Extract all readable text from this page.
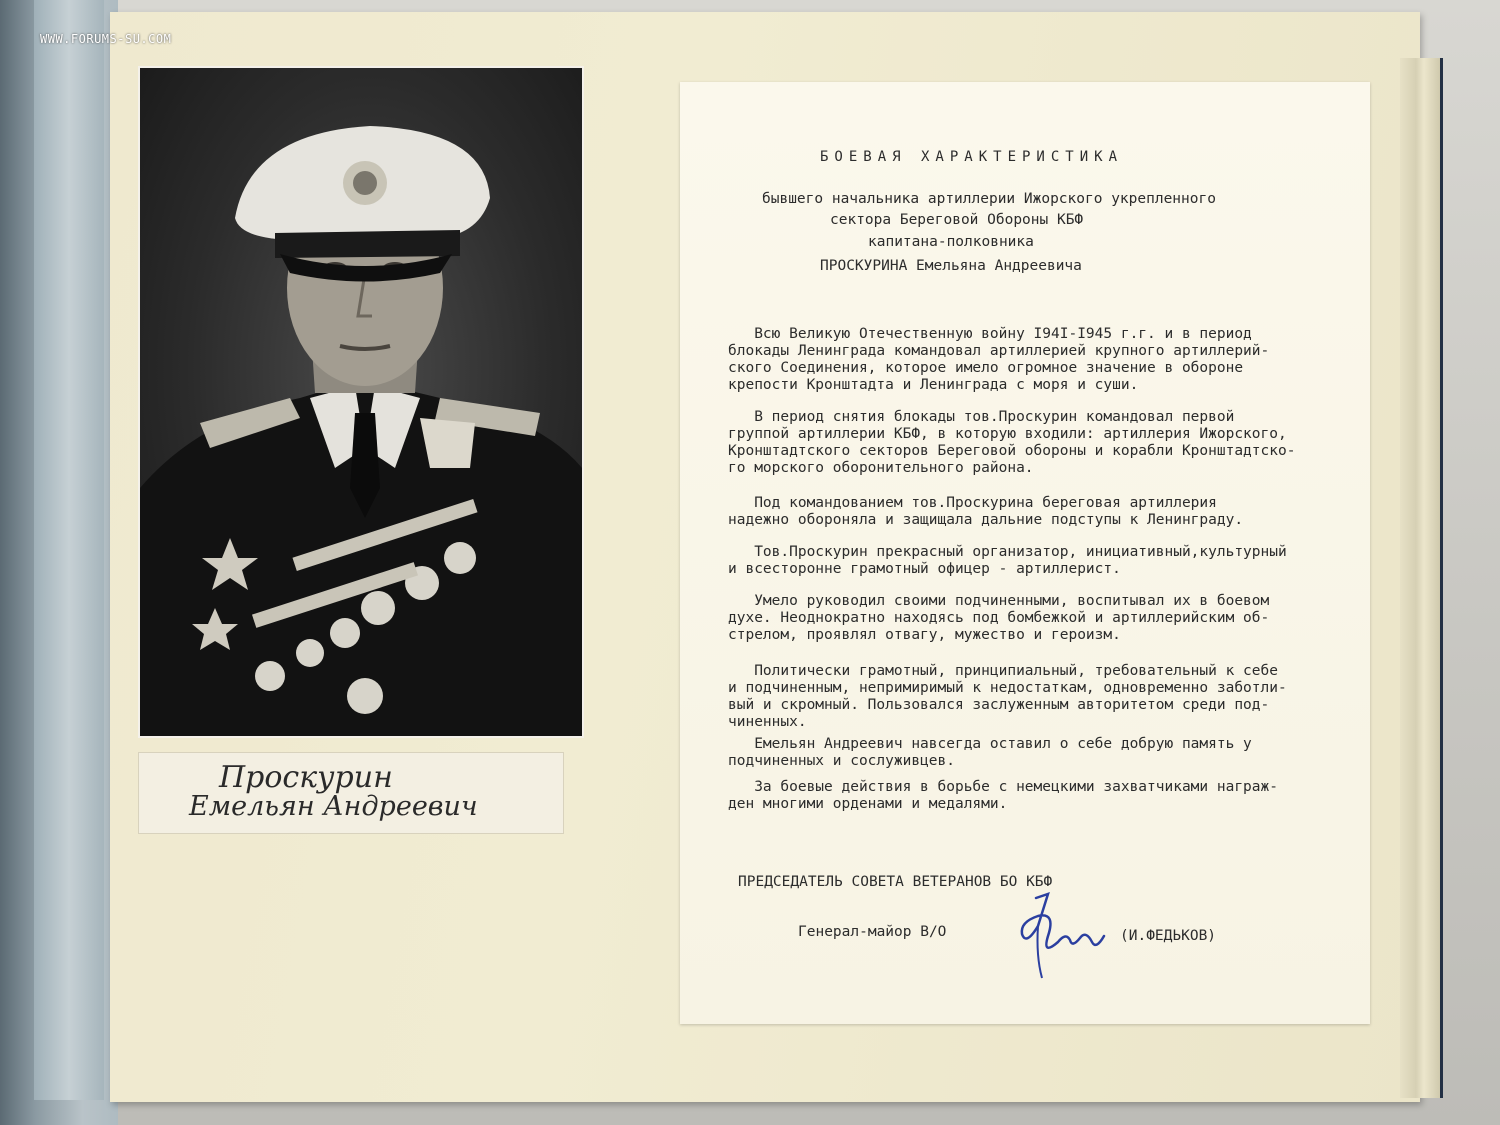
WWW.FORUMS-SU.COM
Проскурин
Емельян Андреевич
БОЕВАЯ ХАРАКТЕРИСТИКА
бывшего начальника артиллерии Ижорского укрепленного
сектора Береговой Обороны КБФ
капитана-полковника
ПРОСКУРИНА Емельяна Андреевича
Всю Великую Отечественную войну I94I-I945 г.г. и в период
блокады Ленинграда командовал артиллерией крупного артиллерий-
ского Соединения, которое имело огромное значение в обороне
крепости Кронштадта и Ленинграда с моря и суши.
В период снятия блокады тов.Проскурин командовал первой
группой артиллерии КБФ, в которую входили: артиллерия Ижорского,
Кронштадтского секторов Береговой обороны и корабли Кронштадтско-
го морского оборонительного района.
Под командованием тов.Проскурина береговая артиллерия
надежно обороняла и защищала дальние подступы к Ленинграду.
Тов.Проскурин прекрасный организатор, инициативный,культурный
и всесторонне грамотный офицер - артиллерист.
Умело руководил своими подчиненными, воспитывал их в боевом
духе. Неоднократно находясь под бомбежкой и артиллерийским об-
стрелом, проявлял отвагу, мужество и героизм.
Политически грамотный, принципиальный, требовательный к себе
и подчиненным, непримиримый к недостаткам, одновременно заботли-
вый и скромный. Пользовался заслуженным авторитетом среди под-
чиненных.
Емельян Андреевич навсегда оставил о себе добрую память у
подчиненных и сослуживцев.
За боевые действия в борьбе с немецкими захватчиками награж-
ден многими орденами и медалями.
ПРЕДСЕДАТЕЛЬ СОВЕТА ВЕТЕРАНОВ БО КБФ
Генерал-майор В/О	(И.ФЕДЬКОВ)
